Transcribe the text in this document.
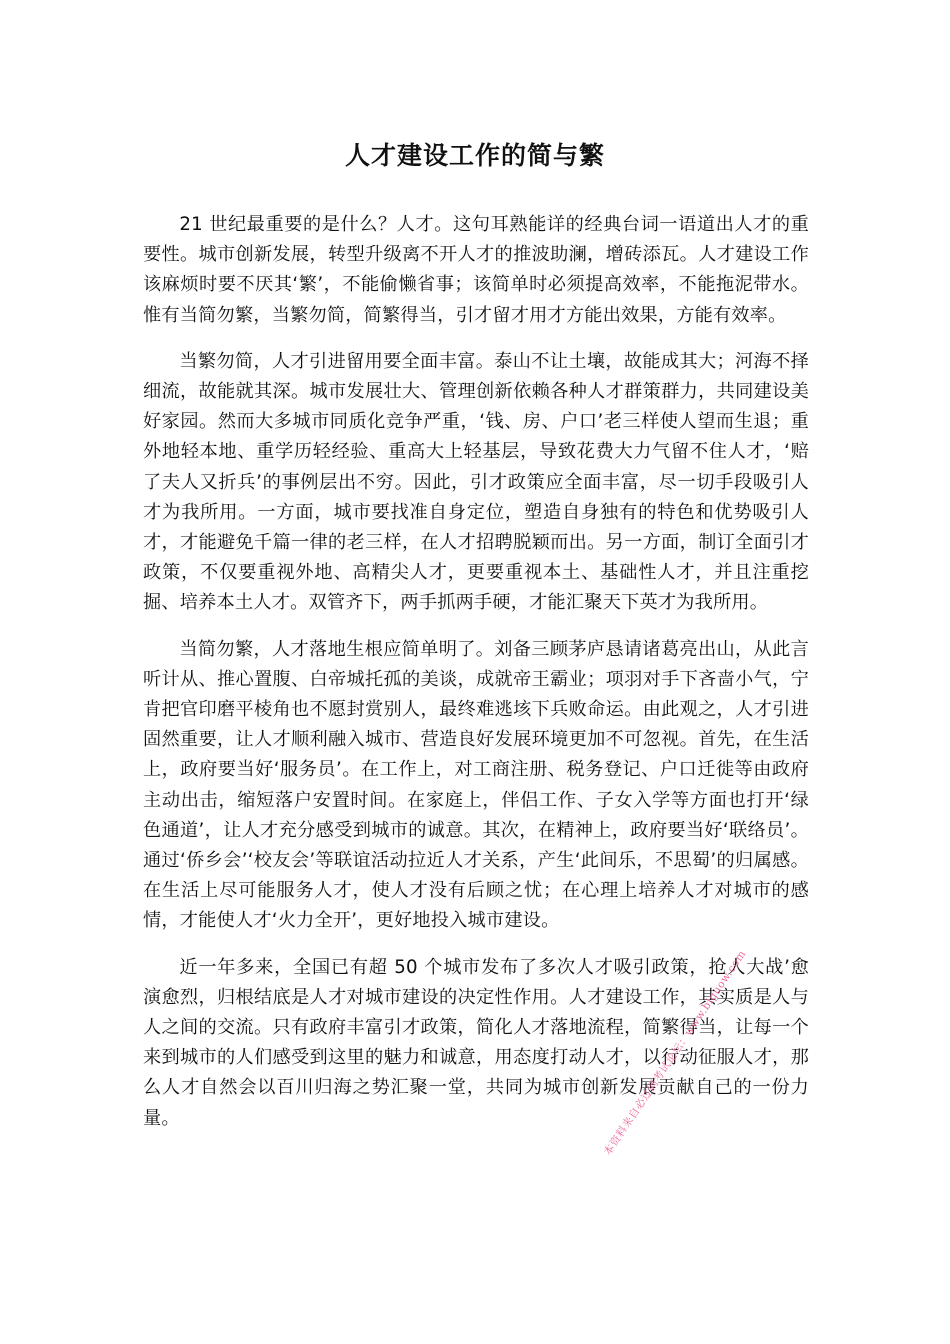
人才建设工作的简与繁

21 世纪最重要的是什么？人才。这句耳熟能详的经典台词一语道出人才的重要性。城市创新发展，转型升级离不开人才的推波助澜，增砖添瓦。人才建设工作该麻烦时要不厌其‘繁’，不能偷懒省事；该简单时必须提高效率，不能拖泥带水。惟有当简勿繁，当繁勿简，简繁得当，引才留才用才方能出效果，方能有效率。

当繁勿简，人才引进留用要全面丰富。泰山不让土壤，故能成其大；河海不择细流，故能就其深。城市发展壮大、管理创新依赖各种人才群策群力，共同建设美好家园。然而大多城市同质化竞争严重，‘钱、房、户口’老三样使人望而生退；重外地轻本地、重学历轻经验、重高大上轻基层，导致花费大力气留不住人才，‘赔了夫人又折兵’的事例层出不穷。因此，引才政策应全面丰富，尽一切手段吸引人才为我所用。一方面，城市要找准自身定位，塑造自身独有的特色和优势吸引人才，才能避免千篇一律的老三样，在人才招聘脱颖而出。另一方面，制订全面引才政策，不仅要重视外地、高精尖人才，更要重视本土、基础性人才，并且注重挖掘、培养本土人才。双管齐下，两手抓两手硬，才能汇聚天下英才为我所用。

当简勿繁，人才落地生根应简单明了。刘备三顾茅庐恳请诸葛亮出山，从此言听计从、推心置腹、白帝城托孤的美谈，成就帝王霸业；项羽对手下吝啬小气，宁肯把官印磨平棱角也不愿封赏别人，最终难逃垓下兵败命运。由此观之，人才引进固然重要，让人才顺利融入城市、营造良好发展环境更加不可忽视。首先，在生活上，政府要当好‘服务员’。在工作上，对工商注册、税务登记、户口迁徙等由政府主动出击，缩短落户安置时间。在家庭上，伴侣工作、子女入学等方面也打开‘绿色通道’，让人才充分感受到城市的诚意。其次，在精神上，政府要当好‘联络员’。通过‘侨乡会’‘校友会’等联谊活动拉近人才关系，产生‘此间乐，不思蜀’的归属感。在生活上尽可能服务人才，使人才没有后顾之忧；在心理上培养人才对城市的感情，才能使人才‘火力全开’，更好地投入城市建设。

近一年多来，全国已有超 50 个城市发布了多次人才吸引政策，抢人大战’愈演愈烈，归根结底是人才对城市建设的决定性作用。人才建设工作，其实质是人与人之间的交流。只有政府丰富引才政策，简化人才落地流程，简繁得当，让每一个来到城市的人们感受到这里的魅力和诚意，用态度打动人才，以行动征服人才，那么人才自然会以百川归海之势汇聚一堂，共同为城市创新发展贡献自己的一份力量。	本资料来自必过网考试论坛：www.biguow.com
